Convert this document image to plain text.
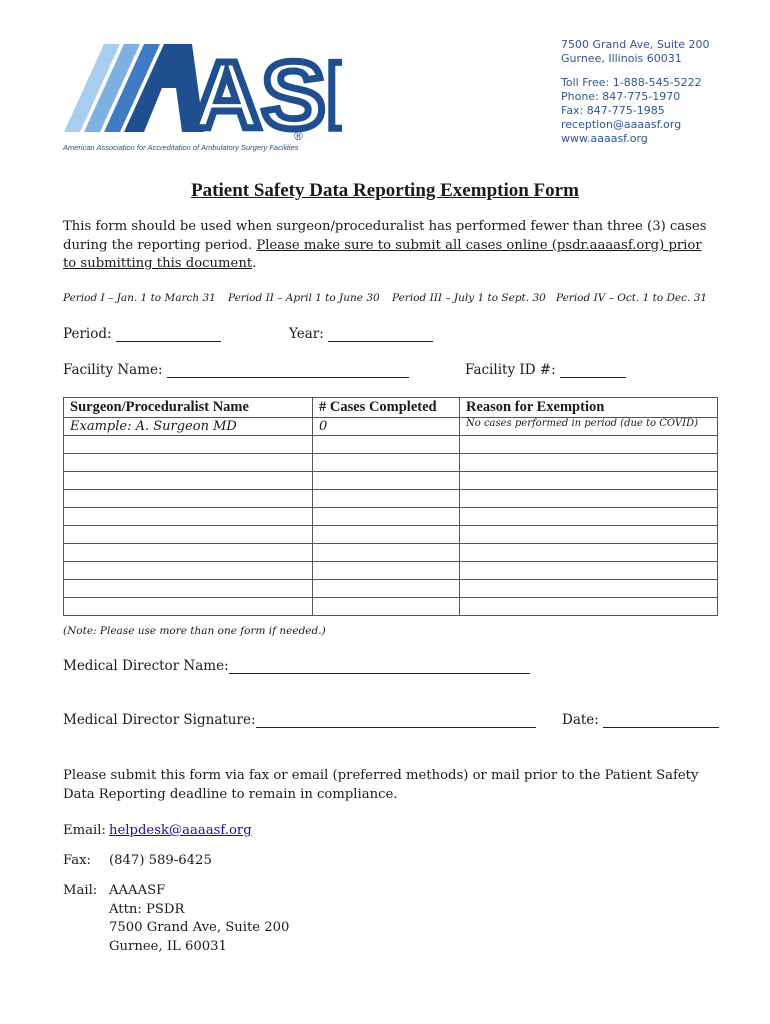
AS
®
American Association for Accreditation of Ambulatory Surgery Facilities
7500 Grand Ave, Suite 200
Gurnee, Illinois 60031
Toll Free: 1-888-545-5222
Phone: 847-775-1970
Fax: 847-775-1985
reception@aaaasf.org
www.aaaasf.org
Patient Safety Data Reporting Exemption Form
This form should be used when surgeon/proceduralist has performed fewer than three (3) cases during the reporting period. Please make sure to submit all cases online (psdr.aaaasf.org) prior to submitting this document.
Period I – Jan. 1 to March 31 Period II – April 1 to June 30 Period III – July 1 to Sept. 30 Period IV – Oct. 1 to Dec. 31
Period:	Year:
Facility Name:	Facility ID #:
Surgeon/Proceduralist Name	# Cases Completed	Reason for Exemption
Example: A. Surgeon MD	0	No cases performed in period (due to COVID)

(Note: Please use more than one form if needed.)
Medical Director Name:
Medical Director Signature:	Date:
Please submit this form via fax or email (preferred methods) or mail prior to the Patient Safety Data Reporting deadline to remain in compliance.
Email: helpdesk@aaaasf.org
Fax: (847) 589-6425
Mail: AAAASF
Attn: PSDR
7500 Grand Ave, Suite 200
Gurnee, IL 60031
